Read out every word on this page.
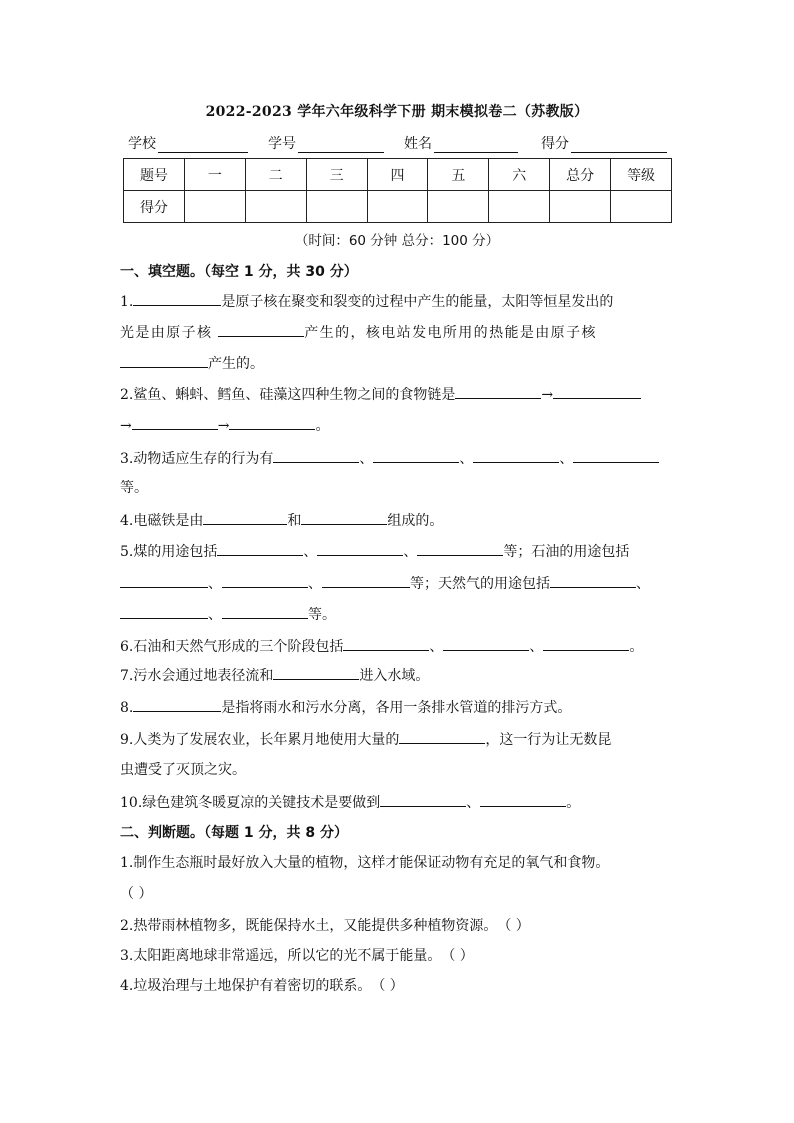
2022-2023 学年六年级科学下册 期末模拟卷二（苏教版）
学校	学号	姓名	得分
题号	一	二	三	四	五	六	总分	等级
得分								
（时间：60 分钟 总分：100 分）
一、填空题。（每空 1 分，共 30 分）
1.	是原子核在聚变和裂变的过程中产生的能量，太阳等恒星发出的
光是由原子核	产生的，核电站发电所用的热能是由原子核
产生的。
2.鲨鱼、蝌蚪、鳕鱼、硅藻这四种生物之间的食物链是	→
→	→	。
3.动物适应生存的行为有	、	、	、
等。
4.电磁铁是由	和	组成的。
5.煤的用途包括	、	、	等；石油的用途包括
、	、	等；天然气的用途包括	、
、	等。
6.石油和天然气形成的三个阶段包括	、	、	。
7.污水会通过地表径流和	进入水域。
8.	是指将雨水和污水分离，各用一条排水管道的排污方式。
9.人类为了发展农业，长年累月地使用大量的	，这一行为让无数昆
虫遭受了灭顶之灾。
10.绿色建筑冬暖夏凉的关键技术是要做到	、	。
二、判断题。（每题 1 分，共 8 分）
1.制作生态瓶时最好放入大量的植物，这样才能保证动物有充足的氧气和食物。
（ ）
2.热带雨林植物多，既能保持水土，又能提供多种植物资源。（ ）
3.太阳距离地球非常遥远，所以它的光不属于能量。（ ）
4.垃圾治理与土地保护有着密切的联系。（ ）
